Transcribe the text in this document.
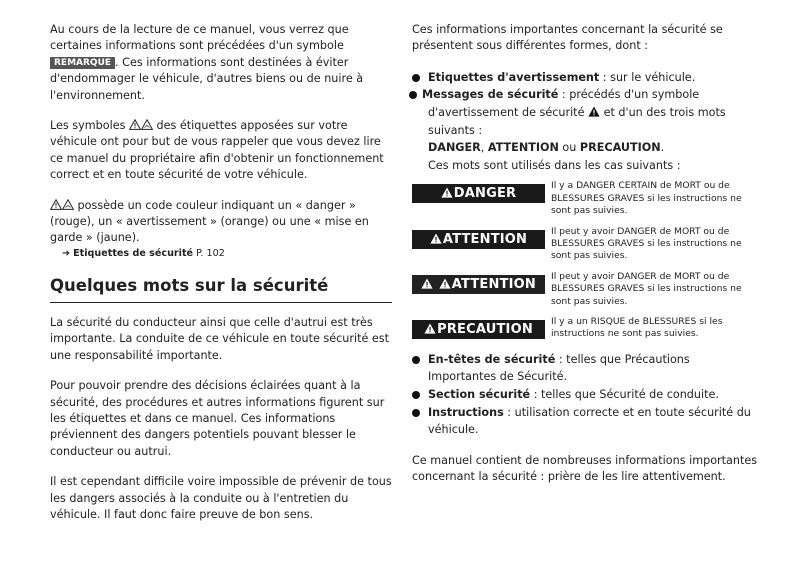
Au cours de la lecture de ce manuel, vous verrez que certaines informations sont précédées d'un symbole REMARQUE . Ces informations sont destinées à éviter d'endommager le véhicule, d'autres biens ou de nuire à l'environnement.

Les symboles
des étiquettes apposées sur votre véhicule ont pour but de vous rappeler que vous devez lire ce manuel du propriétaire afin d'obtenir un fonctionnement correct et en toute sécurité de votre véhicule.

possède un code couleur indiquant un « danger » (rouge), un « avertissement » (orange) ou une « mise en garde » (jaune).

➔ Etiquettes de sécurité P. 102
Quelques mots sur la sécurité

La sécurité du conducteur ainsi que celle d'autrui est très importante. La conduite de ce véhicule en toute sécurité est une responsabilité importante.

Pour pouvoir prendre des décisions éclairées quant à la sécurité, des procédures et autres informations figurent sur les étiquettes et dans ce manuel. Ces informations préviennent des dangers potentiels pouvant blesser le conducteur ou autrui.

Il est cependant difficile voire impossible de prévenir de tous les dangers associés à la conduite ou à l'entretien du véhicule. Il faut donc faire preuve de bon sens.

Ces informations importantes concernant la sécurité se présentent sous différentes formes, dont :

Etiquettes d'avertissement : sur le véhicule.
Messages de sécurité : précédés d'un symbole
d'avertissement de sécurité
et d'un des trois mots suivants :
DANGER, ATTENTION ou PRECAUTION.
Ces mots sont utilisés dans les cas suivants :
DANGER
Il y a DANGER CERTAIN de MORT ou de BLESSURES GRAVES si les instructions ne sont pas suivies.
ATTENTION
Il peut y avoir DANGER de MORT ou de BLESSURES GRAVES si les instructions ne sont pas suivies.

ATTENTION
Il peut y avoir DANGER de MORT ou de BLESSURES GRAVES si les instructions ne sont pas suivies.
PRECAUTION
Il y a un RISQUE de BLESSURES si les instructions ne sont pas suivies.
En-têtes de sécurité : telles que Précautions Importantes de Sécurité.
Section sécurité : telles que Sécurité de conduite.
Instructions : utilisation correcte et en toute sécurité du véhicule.

Ce manuel contient de nombreuses informations importantes concernant la sécurité : prière de les lire attentivement.
